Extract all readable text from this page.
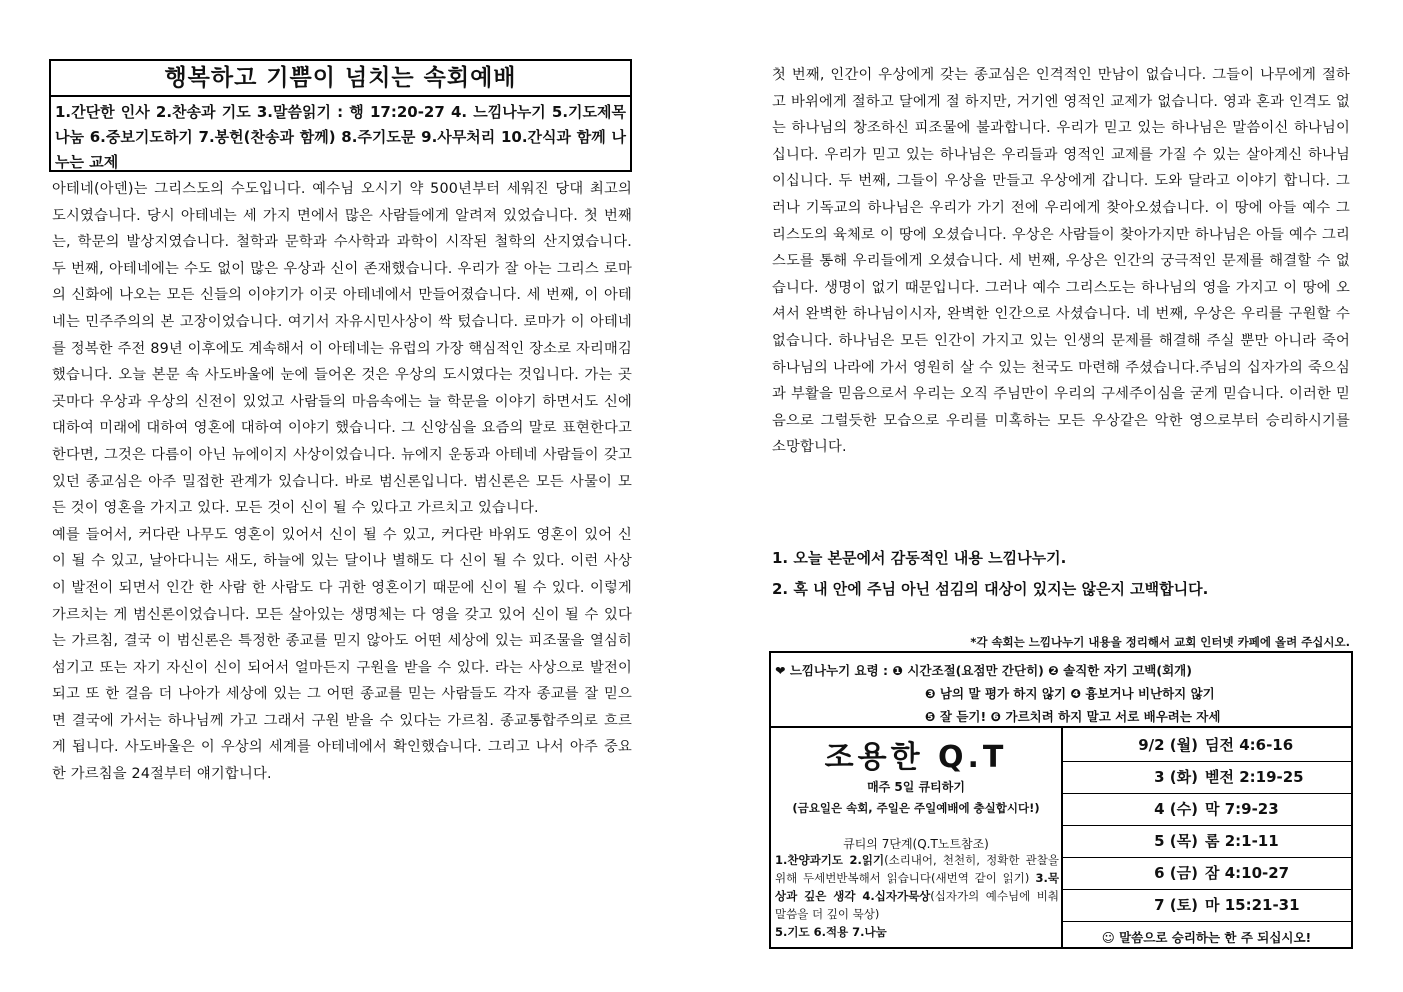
행복하고 기쁨이 넘치는 속회예배
1.간단한 인사 2.찬송과 기도 3.말씀읽기 : 행 17:20-27 4. 느낌나누기 5.기도제목 나눔 6.중보기도하기 7.봉헌(찬송과 함께) 8.주기도문 9.사무처리 10.간식과 함께 나누는 교제

아테네(아덴)는 그리스도의 수도입니다. 예수님 오시기 약 500년부터 세워진 당대 최고의 도시였습니다. 당시 아테네는 세 가지 면에서 많은 사람들에게 알려져 있었습니다. 첫 번째는, 학문의 발상지였습니다. 철학과 문학과 수사학과 과학이 시작된 철학의 산지였습니다. 두 번째, 아테네에는 수도 없이 많은 우상과 신이 존재했습니다. 우리가 잘 아는 그리스 로마의 신화에 나오는 모든 신들의 이야기가 이곳 아테네에서 만들어졌습니다. 세 번째, 이 아테네는 민주주의의 본 고장이었습니다. 여기서 자유시민사상이 싹 텄습니다. 로마가 이 아테네를 정복한 주전 89년 이후에도 계속해서 이 아테네는 유럽의 가장 핵심적인 장소로 자리매김했습니다. 오늘 본문 속 사도바울에 눈에 들어온 것은 우상의 도시였다는 것입니다. 가는 곳곳마다 우상과 우상의 신전이 있었고 사람들의 마음속에는 늘 학문을 이야기 하면서도 신에 대하여 미래에 대하여 영혼에 대하여 이야기 했습니다. 그 신앙심을 요즘의 말로 표현한다고 한다면, 그것은 다름이 아닌 뉴에이지 사상이었습니다. 뉴에지 운동과 아테네 사람들이 갖고 있던 종교심은 아주 밀접한 관계가 있습니다. 바로 범신론입니다. 범신론은 모든 사물이 모든 것이 영혼을 가지고 있다. 모든 것이 신이 될 수 있다고 가르치고 있습니다.

예를 들어서, 커다란 나무도 영혼이 있어서 신이 될 수 있고, 커다란 바위도 영혼이 있어 신이 될 수 있고, 날아다니는 새도, 하늘에 있는 달이나 별해도 다 신이 될 수 있다. 이런 사상이 발전이 되면서 인간 한 사람 한 사람도 다 귀한 영혼이기 때문에 신이 될 수 있다. 이렇게 가르치는 게 범신론이었습니다. 모든 살아있는 생명체는 다 영을 갖고 있어 신이 될 수 있다는 가르침, 결국 이 범신론은 특정한 종교를 믿지 않아도 어떤 세상에 있는 피조물을 열심히 섬기고 또는 자기 자신이 신이 되어서 얼마든지 구원을 받을 수 있다. 라는 사상으로 발전이 되고 또 한 걸음 더 나아가 세상에 있는 그 어떤 종교를 믿는 사람들도 각자 종교를 잘 믿으면 결국에 가서는 하나님께 가고 그래서 구원 받을 수 있다는 가르침. 종교통합주의로 흐르게 됩니다. 사도바울은 이 우상의 세계를 아테네에서 확인했습니다. 그리고 나서 아주 중요한 가르침을 24절부터 얘기합니다.

첫 번째, 인간이 우상에게 갖는 종교심은 인격적인 만남이 없습니다. 그들이 나무에게 절하고 바위에게 절하고 달에게 절 하지만, 거기엔 영적인 교제가 없습니다. 영과 혼과 인격도 없는 하나님의 창조하신 피조물에 불과합니다. 우리가 믿고 있는 하나님은 말씀이신 하나님이십니다. 우리가 믿고 있는 하나님은 우리들과 영적인 교제를 가질 수 있는 살아계신 하나님이십니다. 두 번째, 그들이 우상을 만들고 우상에게 갑니다. 도와 달라고 이야기 합니다. 그러나 기독교의 하나님은 우리가 가기 전에 우리에게 찾아오셨습니다. 이 땅에 아들 예수 그리스도의 육체로 이 땅에 오셨습니다. 우상은 사람들이 찾아가지만 하나님은 아들 예수 그리스도를 통해 우리들에게 오셨습니다. 세 번째, 우상은 인간의 궁극적인 문제를 해결할 수 없습니다. 생명이 없기 때문입니다. 그러나 예수 그리스도는 하나님의 영을 가지고 이 땅에 오셔서 완벽한 하나님이시자, 완벽한 인간으로 사셨습니다. 네 번째, 우상은 우리를 구원할 수 없습니다. 하나님은 모든 인간이 가지고 있는 인생의 문제를 해결해 주실 뿐만 아니라 죽어 하나님의 나라에 가서 영원히 살 수 있는 천국도 마련해 주셨습니다.주님의 십자가의 죽으심과 부활을 믿음으로서 우리는 오직 주님만이 우리의 구세주이심을 굳게 믿습니다. 이러한 믿음으로 그럴듯한 모습으로 우리를 미혹하는 모든 우상같은 악한 영으로부터 승리하시기를 소망합니다.

1. 오늘 본문에서 감동적인 내용 느낌나누기.
2. 혹 내 안에 주님 아닌 섬김의 대상이 있지는 않은지 고백합니다.
*각 속회는 느낌나누기 내용을 정리해서 교회 인터넷 카페에 올려 주십시오.
❤ 느낌나누기 요령 : ❶ 시간조절(요점만 간단히) ❷ 솔직한 자기 고백(회개)
❸ 남의 말 평가 하지 않기 ❹ 흉보거나 비난하지 않기
❺ 잘 듣기! ❻ 가르치려 하지 말고 서로 배우려는 자세
조용한 Q.T
매주 5일 큐티하기
(금요일은 속회, 주일은 주일예배에 충실합시다!)
큐티의 7단계(Q.T노트참조)
1.찬양과기도 2.읽기(소리내어, 천천히, 정확한 관찰을 위해 두세번반복해서 읽습니다(새번역 같이 읽기) 3.묵상과 깊은 생각 4.십자가묵상(십자가의 예수님에 비춰 말씀을 더 깊이 묵상)
5.기도 6.적용 7.나눔
9/2 (월) 딤전 4:6-16
3 (화) 벧전 2:19-25
4 (수) 막 7:9-23
5 (목) 롬 2:1-11
6 (금) 잠 4:10-27
7 (토) 마 15:21-31
☺ 말씀으로 승리하는 한 주 되십시오!
